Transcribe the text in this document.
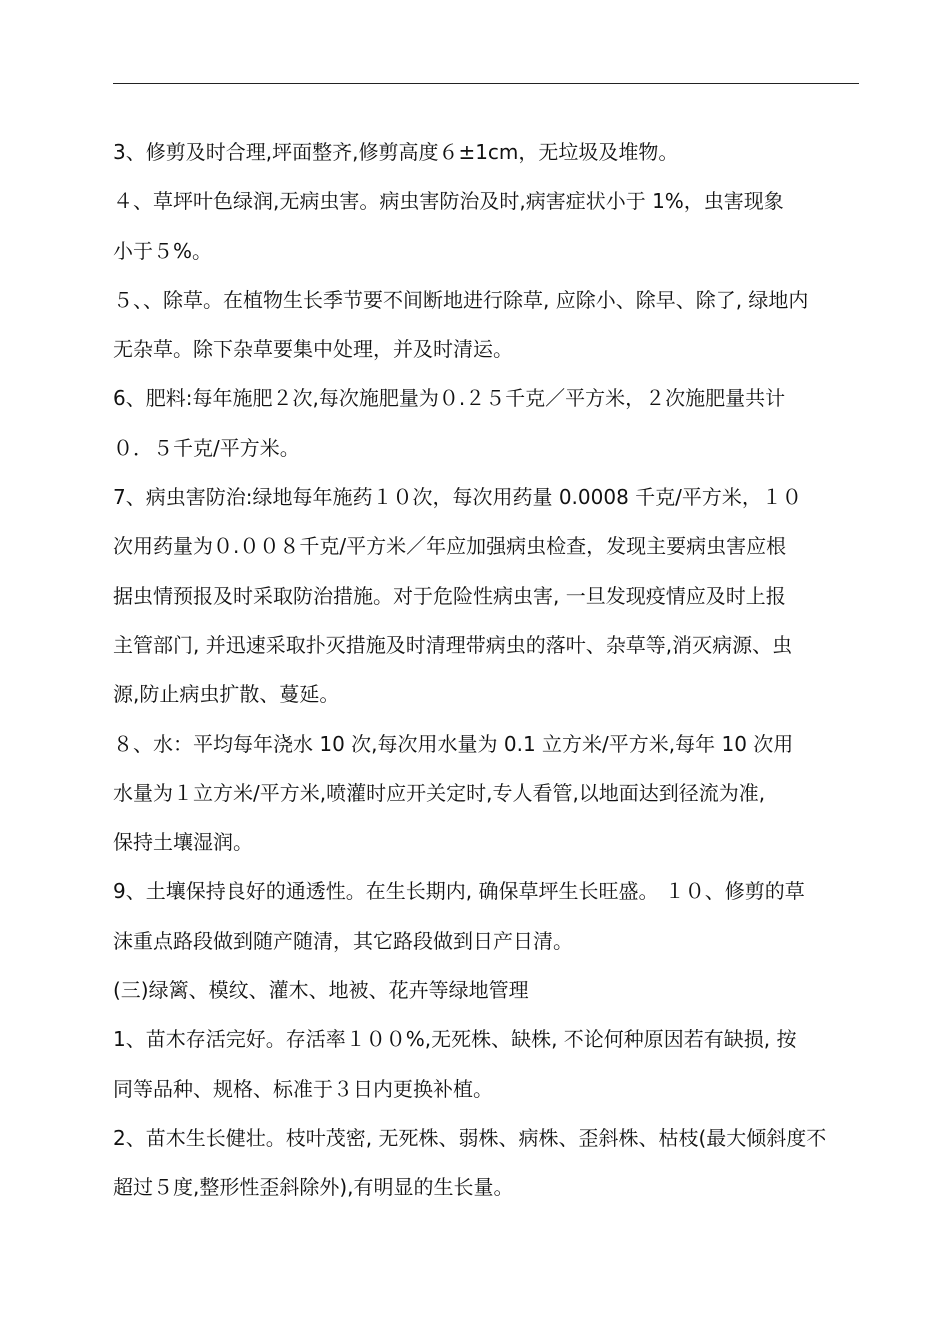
3、修剪及时合理,坪面整齐,修剪高度６±1cm，无垃圾及堆物。
４、草坪叶色绿润,无病虫害。病虫害防治及时,病害症状小于 1%，虫害现象
小于５%。
５、、除草。在植物生长季节要不间断地进行除草, 应除小、除早、除了, 绿地内
无杂草。除下杂草要集中处理，并及时清运。
6、肥料:每年施肥２次,每次施肥量为０.２５千克／平方米，２次施肥量共计
０．５千克/平方米。
7、病虫害防治:绿地每年施药１０次，每次用药量 0.0008 千克/平方米，１０
次用药量为０.００８千克/平方米／年应加强病虫检查，发现主要病虫害应根
据虫情预报及时采取防治措施。对于危险性病虫害, 一旦发现疫情应及时上报
主管部门, 并迅速采取扑灭措施及时清理带病虫的落叶、杂草等,消灭病源、虫
源,防止病虫扩散、蔓延。
８、水：平均每年浇水 10 次,每次用水量为 0.1 立方米/平方米,每年 10 次用
水量为１立方米/平方米,喷灌时应开关定时,专人看管,以地面达到径流为准,
保持土壤湿润。
9、土壤保持良好的通透性。在生长期内, 确保草坪生长旺盛。 １０、修剪的草
沫重点路段做到随产随清，其它路段做到日产日清。
(三)绿篱、模纹、灌木、地被、花卉等绿地管理
1、苗木存活完好。存活率１００%,无死株、缺株, 不论何种原因若有缺损, 按
同等品种、规格、标准于３日内更换补植。
2、苗木生长健壮。枝叶茂密, 无死株、弱株、病株、歪斜株、枯枝(最大倾斜度不
超过５度,整形性歪斜除外),有明显的生长量。
